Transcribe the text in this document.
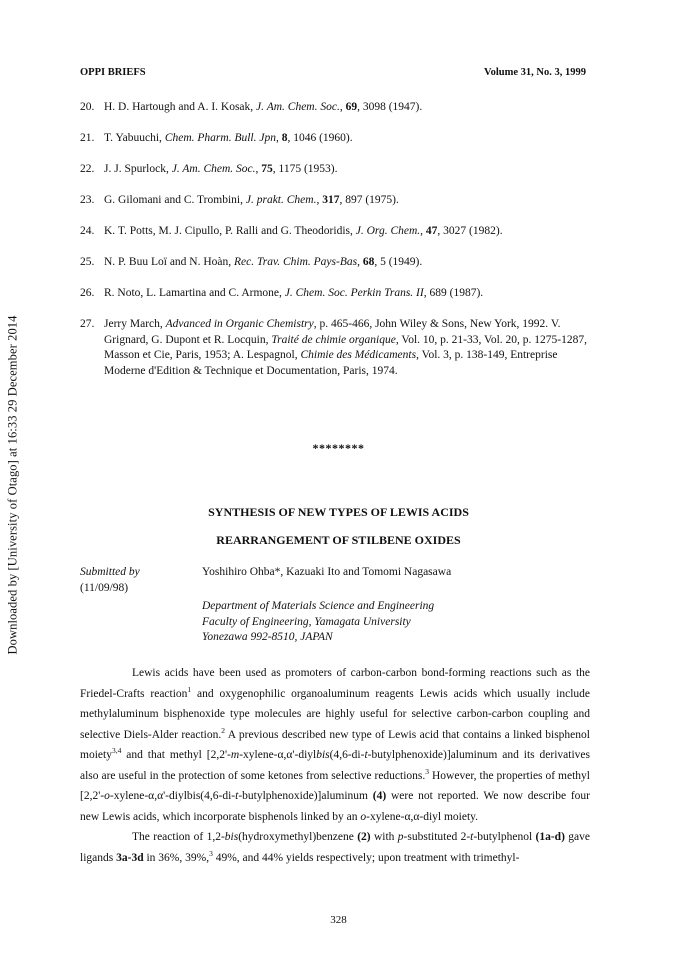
OPPI BRIEFS	Volume 31, No. 3, 1999
Downloaded by [University of Otago] at 16:33 29 December 2014
20. H. D. Hartough and A. I. Kosak, J. Am. Chem. Soc., 69, 3098 (1947).
21. T. Yabuuchi, Chem. Pharm. Bull. Jpn, 8, 1046 (1960).
22. J. J. Spurlock, J. Am. Chem. Soc., 75, 1175 (1953).
23. G. Gilomani and C. Trombini, J. prakt. Chem., 317, 897 (1975).
24. K. T. Potts, M. J. Cipullo, P. Ralli and G. Theodoridis, J. Org. Chem., 47, 3027 (1982).
25. N. P. Buu Loï and N. Hoàn, Rec. Trav. Chim. Pays-Bas, 68, 5 (1949).
26. R. Noto, L. Lamartina and C. Armone, J. Chem. Soc. Perkin Trans. II, 689 (1987).
27. Jerry March, Advanced in Organic Chemistry, p. 465-466, John Wiley & Sons, New York, 1992. V. Grignard, G. Dupont et R. Locquin, Traité de chimie organique, Vol. 10, p. 21-33, Vol. 20, p. 1275-1287, Masson et Cie, Paris, 1953; A. Lespagnol, Chimie des Médicaments, Vol. 3, p. 138-149, Entreprise Moderne d'Edition & Technique et Documentation, Paris, 1974.
********
SYNTHESIS OF NEW TYPES OF LEWIS ACIDS
REARRANGEMENT OF STILBENE OXIDES
Submitted by
(11/09/98)
Yoshihiro Ohba*, Kazuaki Ito and Tomomi Nagasawa
Department of Materials Science and Engineering
Faculty of Engineering, Yamagata University
Yonezawa 992-8510, JAPAN

Lewis acids have been used as promoters of carbon-carbon bond-forming reactions such as the Friedel-Crafts reaction$^1$ and oxygenophilic organoaluminum reagents Lewis acids which usually include methylaluminum bisphenoxide type molecules are highly useful for selective carbon-carbon coupling and selective Diels-Alder reaction.$^2$ A previous described new type of Lewis acid that contains a linked bisphenol moiety$^{3,4}$ and that methyl [2,2'-m-xylene-α,α'-diylbis(4,6-di-t-butylphenoxide)]aluminum and its derivatives also are useful in the protection of some ketones from selective reductions.$^3$ However, the properties of methyl [2,2'-o-xylene-α,α'-diylbis(4,6-di-t-butylphenoxide)]aluminum (4) were not reported. We now describe four new Lewis acids, which incorporate bisphenols linked by an o-xylene-α,α-diyl moiety.

The reaction of 1,2-bis(hydroxymethyl)benzene (2) with p-substituted 2-t-butylphenol (1a-d) gave ligands 3a-3d in 36%, 39%,$^3$ 49%, and 44% yields respectively; upon treatment with trimethyl-

328
